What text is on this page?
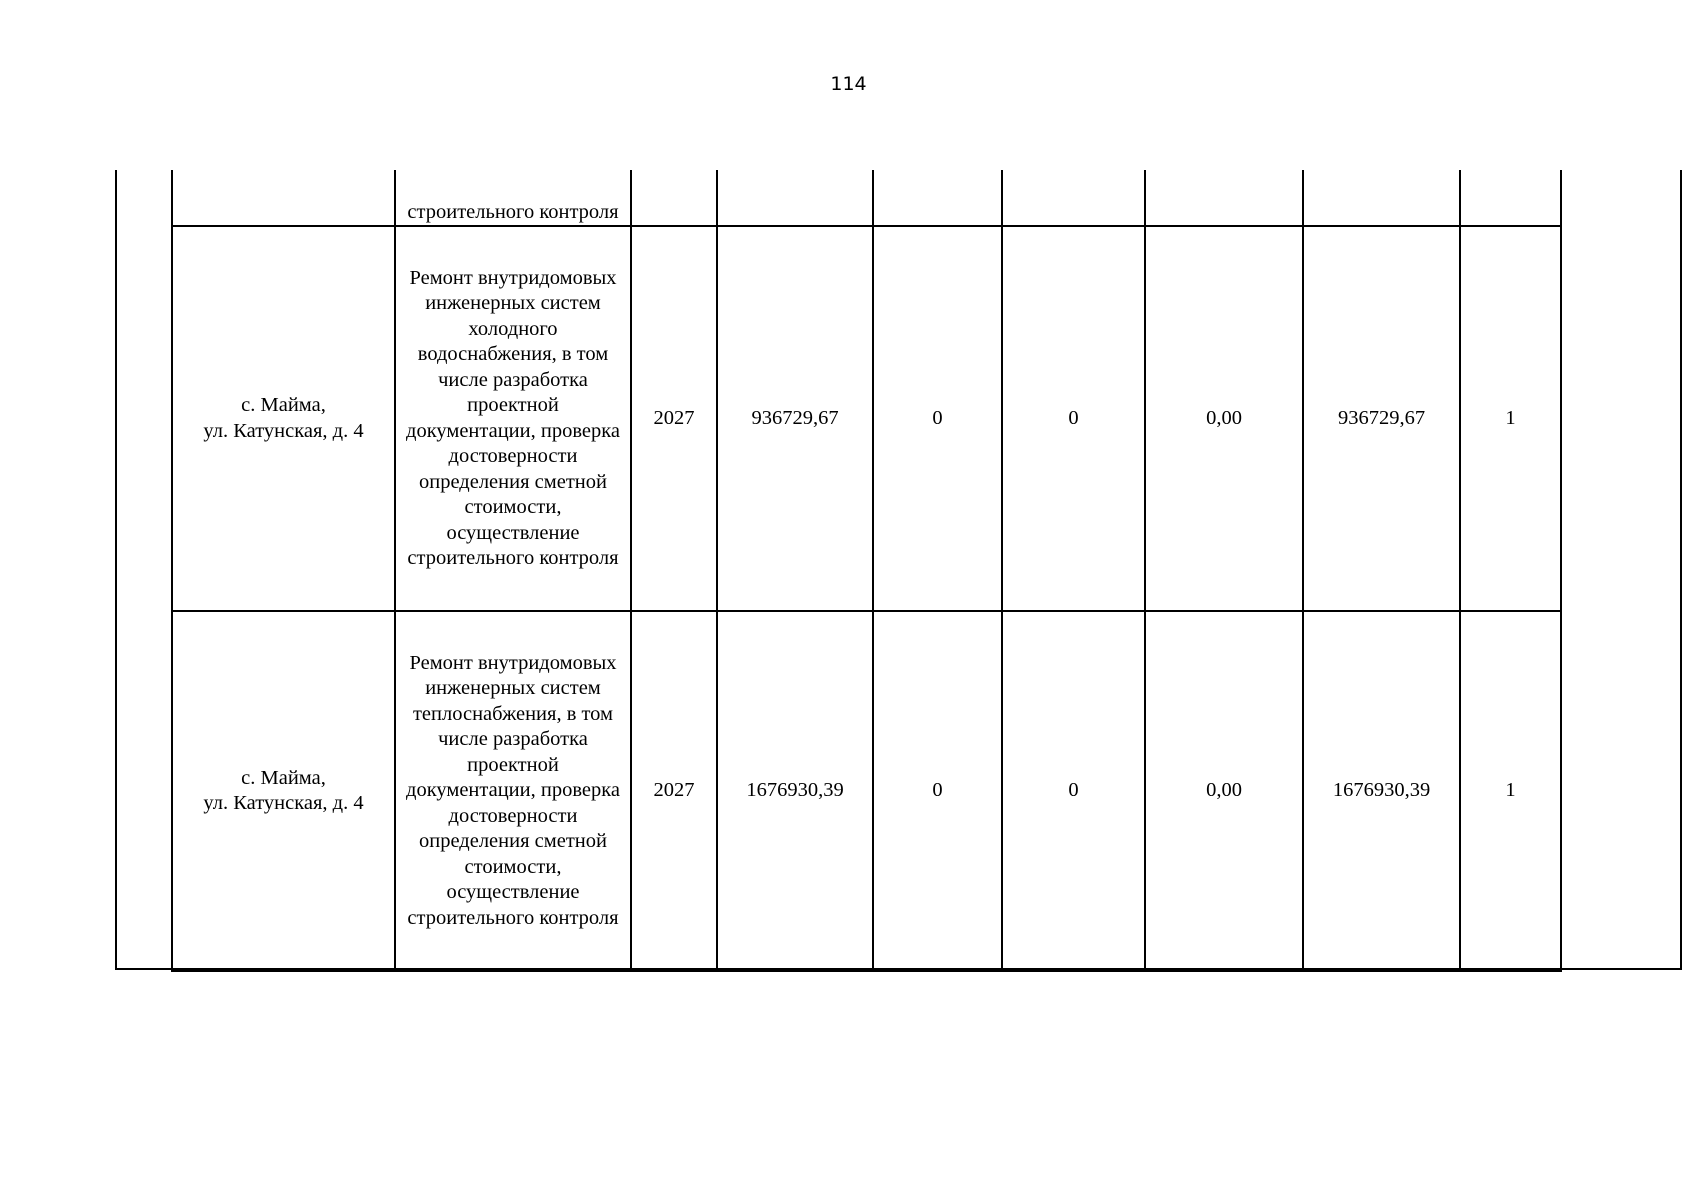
114
	строительного контроля							
с. Майма,
ул. Катунская, д. 4	Ремонт внутридомовых инженерных систем холодного водоснабжения, в том числе разработка проектной документации, проверка достоверности определения сметной стоимости, осуществление строительного контроля	2027	936729,67	0	0	0,00	936729,67	1
с. Майма,
ул. Катунская, д. 4	Ремонт внутридомовых инженерных систем теплоснабжения, в том числе разработка проектной документации, проверка достоверности определения сметной стоимости, осуществление строительного контроля	2027	1676930,39	0	0	0,00	1676930,39	1
